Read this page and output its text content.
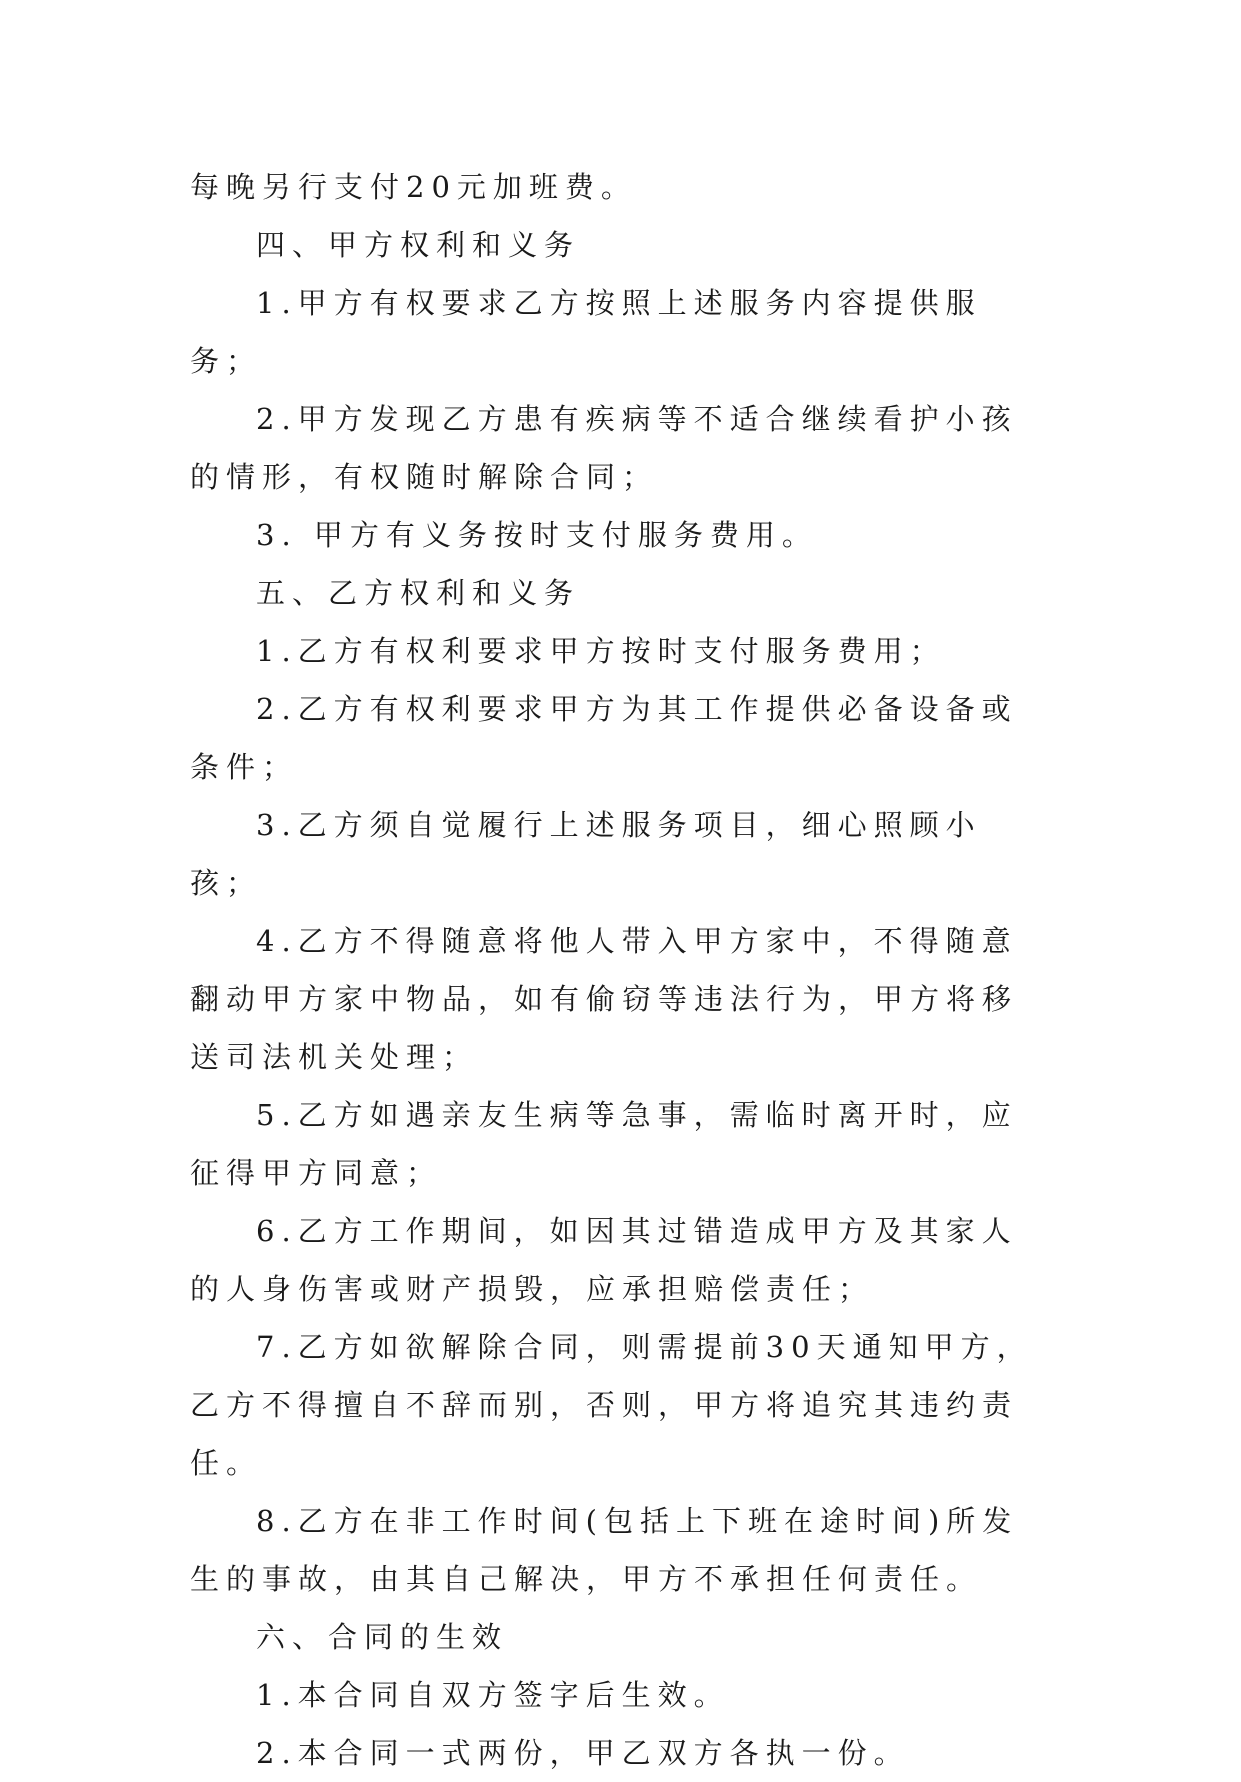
每晚另行支付20元加班费。

四、甲方权利和义务

1.甲方有权要求乙方按照上述服务内容提供服务；

2.甲方发现乙方患有疾病等不适合继续看护小孩的情形，有权随时解除合同；

3. 甲方有义务按时支付服务费用。

五、乙方权利和义务

1.乙方有权利要求甲方按时支付服务费用；

2.乙方有权利要求甲方为其工作提供必备设备或条件；

3.乙方须自觉履行上述服务项目，细心照顾小孩；

4.乙方不得随意将他人带入甲方家中，不得随意翻动甲方家中物品，如有偷窃等违法行为，甲方将移送司法机关处理；

5.乙方如遇亲友生病等急事，需临时离开时，应征得甲方同意；

6.乙方工作期间，如因其过错造成甲方及其家人的人身伤害或财产损毁，应承担赔偿责任；

7.乙方如欲解除合同，则需提前30天通知甲方，乙方不得擅自不辞而别，否则，甲方将追究其违约责任。

8.乙方在非工作时间(包括上下班在途时间)所发生的事故，由其自己解决，甲方不承担任何责任。

六、合同的生效

1.本合同自双方签字后生效。

2.本合同一式两份，甲乙双方各执一份。
